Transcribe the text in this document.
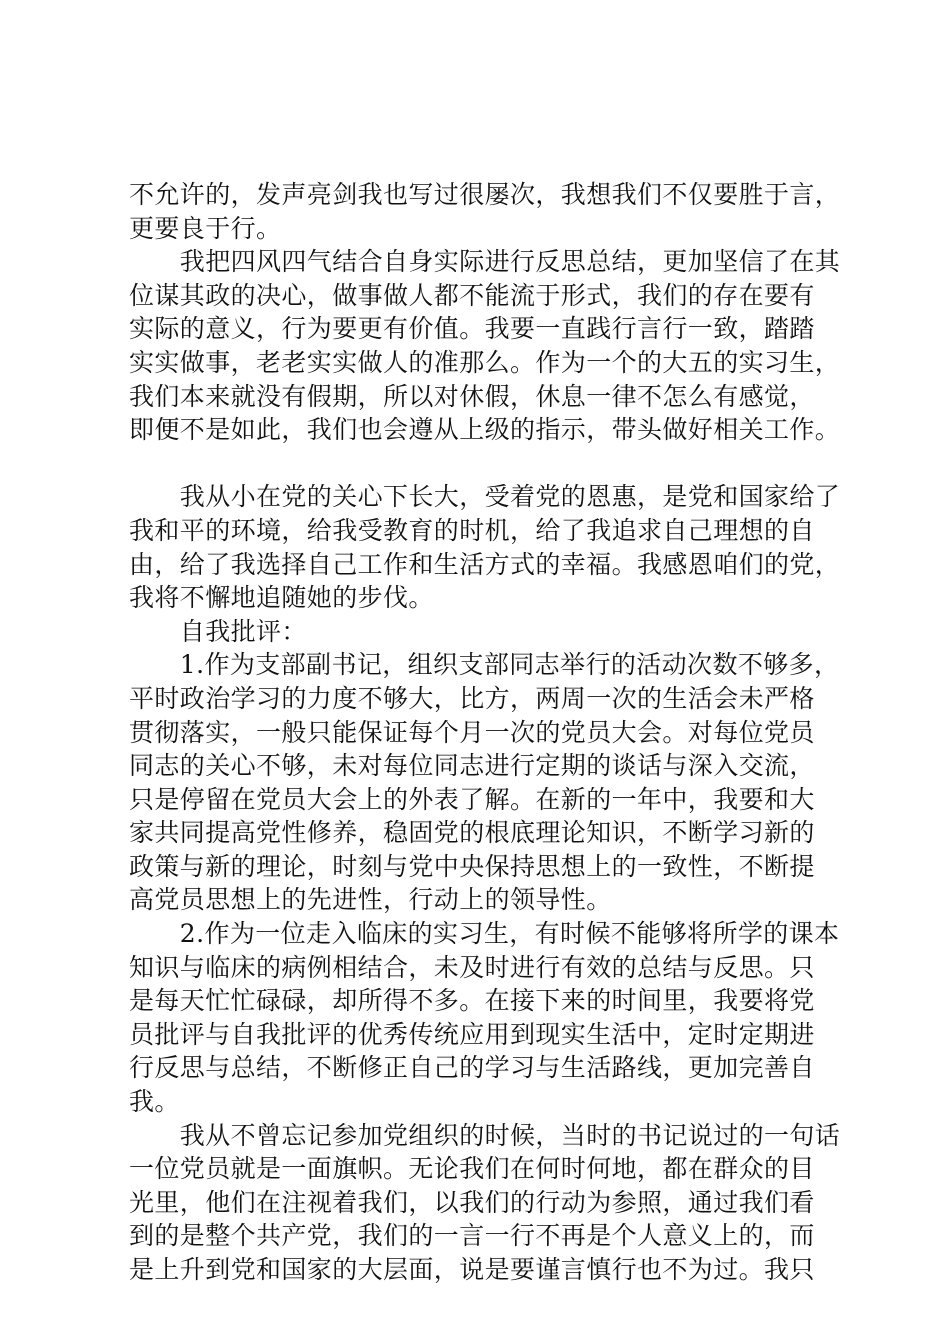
不允许的，发声亮剑我也写过很屡次，我想我们不仅要胜于言，
更要良于行。
　　我把四风四气结合自身实际进行反思总结，更加坚信了在其
位谋其政的决心，做事做人都不能流于形式，我们的存在要有
实际的意义，行为要更有价值。我要一直践行言行一致，踏踏
实实做事，老老实实做人的准那么。作为一个的大五的实习生，
我们本来就没有假期，所以对休假，休息一律不怎么有感觉，
即便不是如此，我们也会遵从上级的指示，带头做好相关工作。
　　我从小在党的关心下长大，受着党的恩惠，是党和国家给了
我和平的环境，给我受教育的时机，给了我追求自己理想的自
由，给了我选择自己工作和生活方式的幸福。我感恩咱们的党，
我将不懈地追随她的步伐。
　　自我批评：
　　1.作为支部副书记，组织支部同志举行的活动次数不够多，
平时政治学习的力度不够大，比方，两周一次的生活会未严格
贯彻落实，一般只能保证每个月一次的党员大会。对每位党员
同志的关心不够，未对每位同志进行定期的谈话与深入交流，
只是停留在党员大会上的外表了解。在新的一年中，我要和大
家共同提高党性修养，稳固党的根底理论知识，不断学习新的
政策与新的理论，时刻与党中央保持思想上的一致性，不断提
高党员思想上的先进性，行动上的领导性。
　　2.作为一位走入临床的实习生，有时候不能够将所学的课本
知识与临床的病例相结合，未及时进行有效的总结与反思。只
是每天忙忙碌碌，却所得不多。在接下来的时间里，我要将党
员批评与自我批评的优秀传统应用到现实生活中，定时定期进
行反思与总结，不断修正自己的学习与生活路线，更加完善自
我。
　　我从不曾忘记参加党组织的时候，当时的书记说过的一句话
一位党员就是一面旗帜。无论我们在何时何地，都在群众的目
光里，他们在注视着我们，以我们的行动为参照，通过我们看
到的是整个共产党，我们的一言一行不再是个人意义上的，而
是上升到党和国家的大层面，说是要谨言慎行也不为过。我只
